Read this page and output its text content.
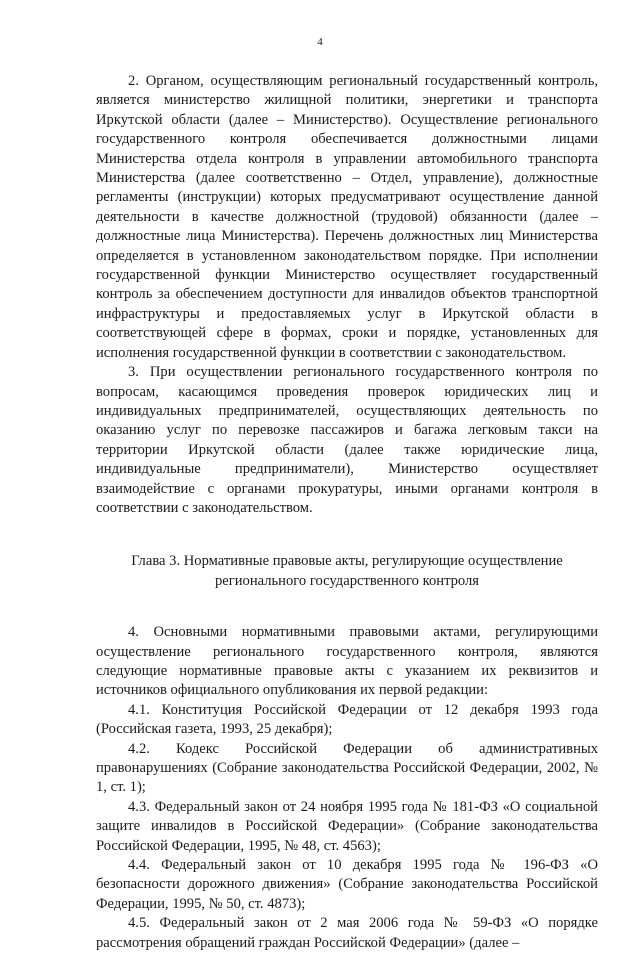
4

2. Органом, осуществляющим региональный государственный контроль, является министерство жилищной политики, энергетики и транспорта Иркутской области (далее – Министерство). Осуществление регионального государственного контроля обеспечивается должностными лицами Министерства отдела контроля в управлении автомобильного транспорта Министерства (далее соответственно – Отдел, управление), должностные регламенты (инструкции) которых предусматривают осуществление данной деятельности в качестве должностной (трудовой) обязанности (далее – должностные лица Министерства). Перечень должностных лиц Министерства определяется в установленном законодательством порядке. При исполнении государственной функции Министерство осуществляет государственный контроль за обеспечением доступности для инвалидов объектов транспортной инфраструктуры и предоставляемых услуг в Иркутской области в соответствующей сфере в формах, сроки и порядке, установленных для исполнения государственной функции в соответствии с законодательством.

3. При осуществлении регионального государственного контроля по вопросам, касающимся проведения проверок юридических лиц и индивидуальных предпринимателей, осуществляющих деятельность по оказанию услуг по перевозке пассажиров и багажа легковым такси на территории Иркутской области (далее также юридические лица, индивидуальные предприниматели), Министерство осуществляет взаимодействие с органами прокуратуры, иными органами контроля в соответствии с законодательством.

Глава 3. Нормативные правовые акты, регулирующие осуществление
регионального государственного контроля

4. Основными нормативными правовыми актами, регулирующими осуществление регионального государственного контроля, являются следующие нормативные правовые акты с указанием их реквизитов и источников официального опубликования их первой редакции:

4.1. Конституция Российской Федерации от 12 декабря 1993 года (Российская газета, 1993, 25 декабря);

4.2. Кодекс Российской Федерации об административных правонарушениях (Собрание законодательства Российской Федерации, 2002, № 1, ст. 1);

4.3. Федеральный закон от 24 ноября 1995 года № 181-ФЗ «О социальной защите инвалидов в Российской Федерации» (Собрание законодательства Российской Федерации, 1995, № 48, ст. 4563);

4.4. Федеральный закон от 10 декабря 1995 года № 196-ФЗ «О безопасности дорожного движения» (Собрание законодательства Российской Федерации, 1995, № 50, ст. 4873);

4.5. Федеральный закон от 2 мая 2006 года № 59-ФЗ «О порядке рассмотрения обращений граждан Российской Федерации» (далее –
